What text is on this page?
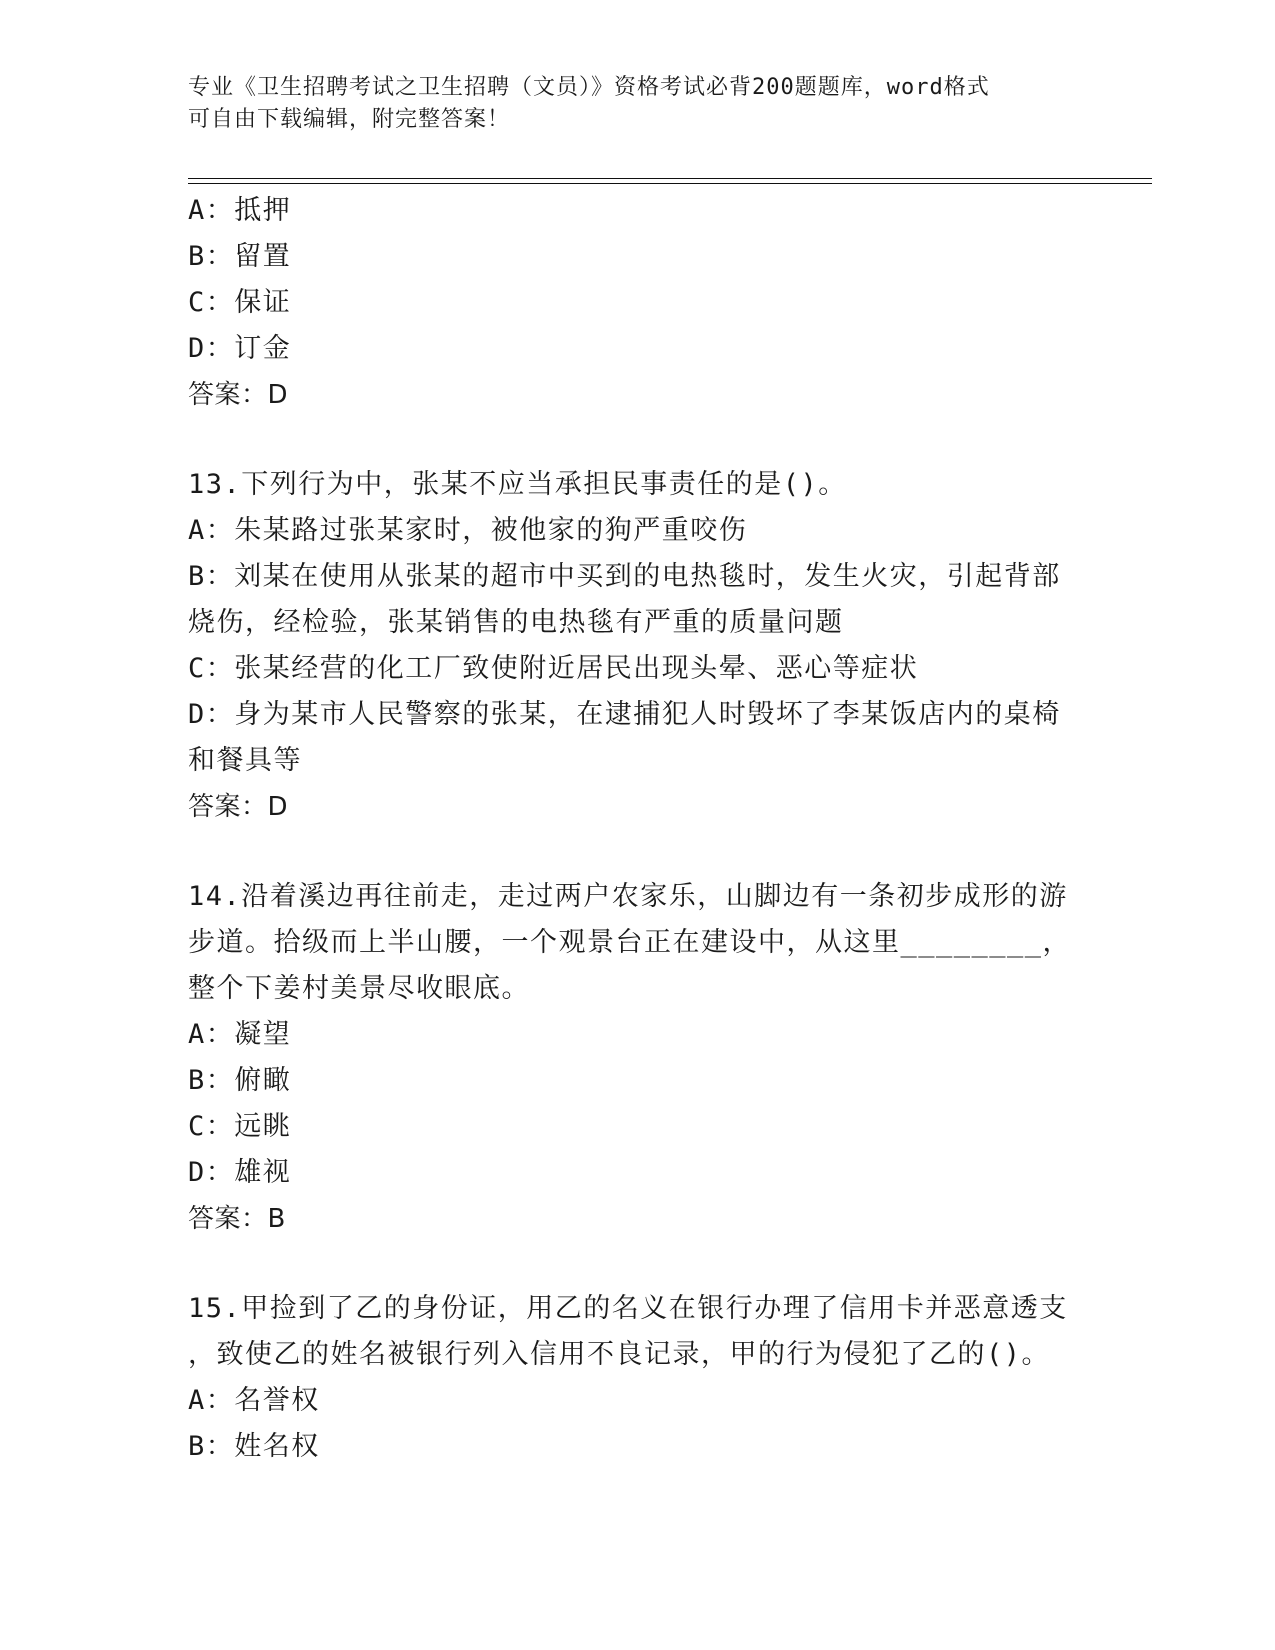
专业《卫生招聘考试之卫生招聘（文员）》资格考试必背200题题库，word格式
可自由下载编辑，附完整答案！
A：抵押
B：留置
C：保证
D：订金
答案：D
13.下列行为中，张某不应当承担民事责任的是()。
A：朱某路过张某家时，被他家的狗严重咬伤
B：刘某在使用从张某的超市中买到的电热毯时，发生火灾，引起背部
烧伤，经检验，张某销售的电热毯有严重的质量问题
C：张某经营的化工厂致使附近居民出现头晕、恶心等症状
D：身为某市人民警察的张某，在逮捕犯人时毁坏了李某饭店内的桌椅
和餐具等
答案：D
14.沿着溪边再往前走，走过两户农家乐，山脚边有一条初步成形的游
步道。拾级而上半山腰，一个观景台正在建设中，从这里________，
整个下姜村美景尽收眼底。
A：凝望
B：俯瞰
C：远眺
D：雄视
答案：B
15.甲捡到了乙的身份证，用乙的名义在银行办理了信用卡并恶意透支
，致使乙的姓名被银行列入信用不良记录，甲的行为侵犯了乙的()。
A：名誉权
B：姓名权
